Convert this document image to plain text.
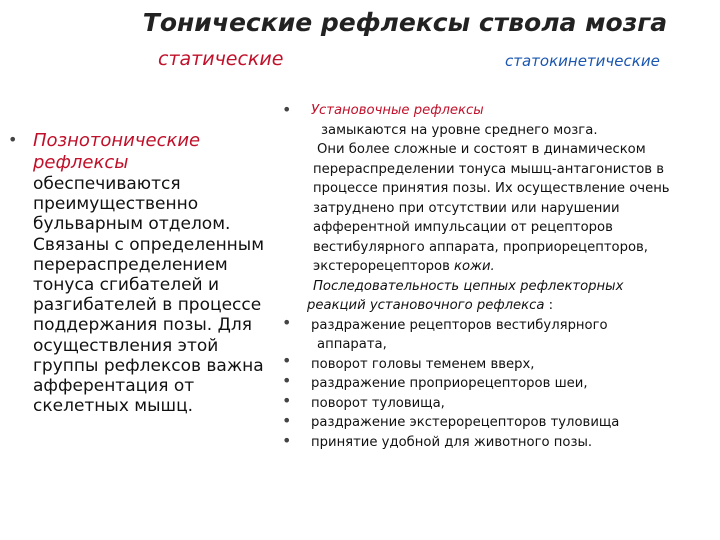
Тонические рефлексы ствола мозга
статические	статокинетические
• Познотонические

рефлексы

обеспечиваются

преимущественно

бульварным отделом.

Связаны с определенным

перераспределением

тонуса сгибателей и

разгибателей в процессе

поддержания позы. Для

осуществления этой

группы рефлексов важна

афферентация от

скелетных мышц.

•
•
•
•
•
•
•

Установочные рефлексы

замыкаются на уровне среднего мозга.

Они более сложные и состоят в динамическом

перераспределении тонуса мышц-антагонистов в

процессе принятия позы. Их осуществление очень

затруднено при отсутствии или нарушении

афферентной импульсации от рецепторов

вестибулярного аппарата, проприорецепторов,

экстерорецепторов кожи.

Последовательность цепных рефлекторных

реакций установочного рефлекса :

раздражение рецепторов вестибулярного

аппарата,

поворот головы теменем вверх,

раздражение проприорецепторов шеи,

поворот туловища,

раздражение экстерорецепторов туловища

принятие удобной для животного позы.
